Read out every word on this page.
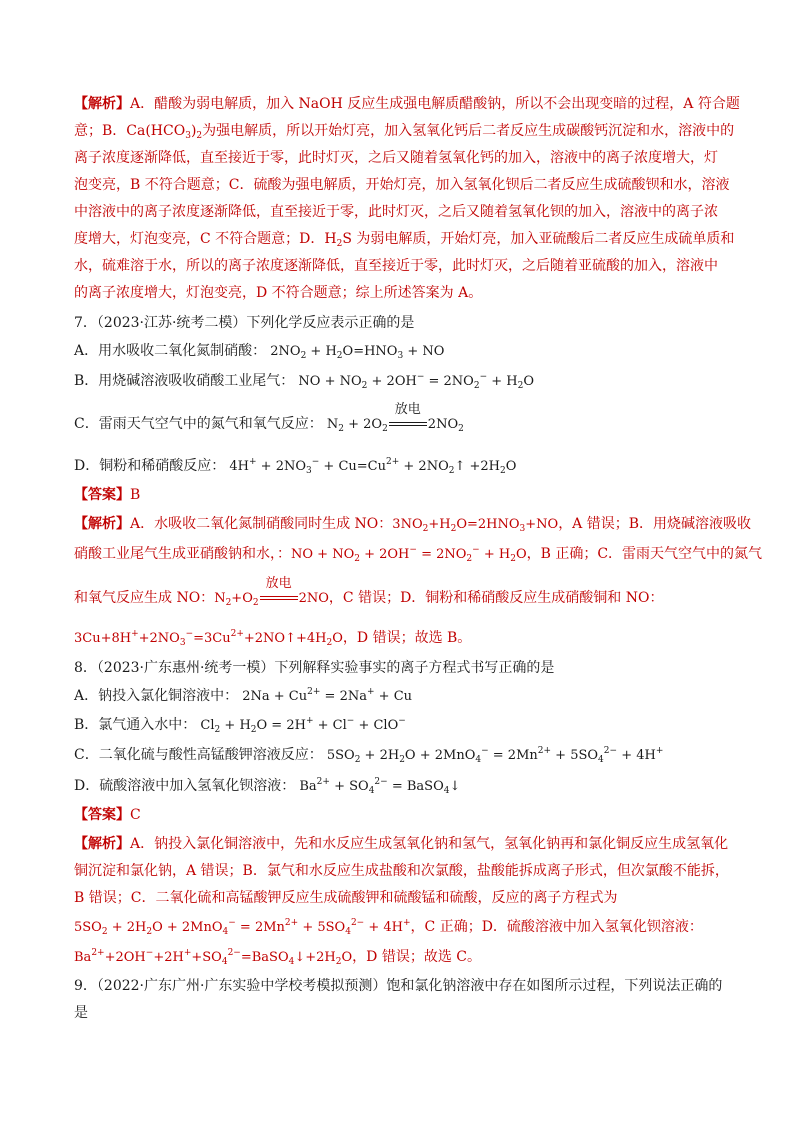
【解析】A．醋酸为弱电解质，加入 NaOH 反应生成强电解质醋酸钠，所以不会出现变暗的过程，A 符合题
意；B．$Ca(HCO_3)_2$为强电解质，所以开始灯亮，加入氢氧化钙后二者反应生成碳酸钙沉淀和水，溶液中的
离子浓度逐渐降低，直至接近于零，此时灯灭，之后又随着氢氧化钙的加入，溶液中的离子浓度增大，灯
泡变亮，B 不符合题意；C．硫酸为强电解质，开始灯亮，加入氢氧化钡后二者反应生成硫酸钡和水，溶液
中溶液中的离子浓度逐渐降低，直至接近于零，此时灯灭，之后又随着氢氧化钡的加入，溶液中的离子浓
度增大，灯泡变亮，C 不符合题意；D．$H_2S$ 为弱电解质，开始灯亮，加入亚硫酸后二者反应生成硫单质和
水，硫难溶于水，所以的离子浓度逐渐降低，直至接近于零，此时灯灭，之后随着亚硫酸的加入，溶液中
的离子浓度增大，灯泡变亮，D 不符合题意；综上所述答案为 A。
7．（2023·江苏·统考二模）下列化学反应表示正确的是
A．用水吸收二氧化氮制硝酸： $2NO_2 + H_2O=HNO_3$ + NO
B．用烧碱溶液吸收硝酸工业尾气： NO + $NO_2 + 2OH^- = 2NO_2^- + H_2O$
C．雷雨天气空气中的氮气和氧气反应： $N_2 + 2O_2$
放电
$2NO_2$
D．铜粉和稀硝酸反应： $4H^+ + 2NO_3^- + Cu=Cu^{2+}$ + $2NO_2↑ +2H_2O$
【答案】B
【解析】A．水吸收二氧化氮制硝酸同时生成 NO：$3NO_2+H_2O=2HNO_3+NO$，A 错误；B．用烧碱溶液吸收
硝酸工业尾气生成亚硝酸钠和水，：NO + $NO_2 + 2OH^- = 2NO_2^- + H_2O$，B 正确；C．雷雨天气空气中的氮气
和氧气反应生成 NO：$N_2+O_2$
放电
2NO，C 错误；D．铜粉和稀硝酸反应生成硝酸铜和 NO：
$3Cu+8H^++2NO_3^-=3Cu^{2+}+2NO↑+4H_2O$，D 错误；故选 B。
8．（2023·广东惠州·统考一模）下列解释实验事实的离子方程式书写正确的是
A．钠投入氯化铜溶液中： $2Na + Cu^{2+} = 2Na^+ + Cu$
B．氯气通入水中： $Cl_2 + H_2O = 2H^+ + Cl^- + ClO^-$
C．二氧化硫与酸性高锰酸钾溶液反应： $5SO_2 + 2H_2O + 2MnO_4^- = 2Mn^{2+} + 5SO_4^{2-} + 4H^+$
D．硫酸溶液中加入氢氧化钡溶液： $Ba^{2+} + SO_4^{2-}$ = BaSO$_4$↓
【答案】C
【解析】A．钠投入氯化铜溶液中，先和水反应生成氢氧化钠和氢气，氢氧化钠再和氯化铜反应生成氢氧化
铜沉淀和氯化钠，A 错误；B．氯气和水反应生成盐酸和次氯酸，盐酸能拆成离子形式，但次氯酸不能拆，
B 错误；C．二氧化硫和高锰酸钾反应生成硫酸钾和硫酸锰和硫酸，反应的离子方程式为
$5SO_2 + 2H_2O + 2MnO_4^- = 2Mn^{2+} + 5SO_4^{2-} + 4H^+$，C 正确；D．硫酸溶液中加入氢氧化钡溶液：
$Ba^{2+}+2OH^-+2H^++SO_4^{2-}=BaSO_4↓+2H_2O$，D 错误；故选 C。
9．（2022·广东广州·广东实验中学校考模拟预测）饱和氯化钠溶液中存在如图所示过程，下列说法正确的
是
